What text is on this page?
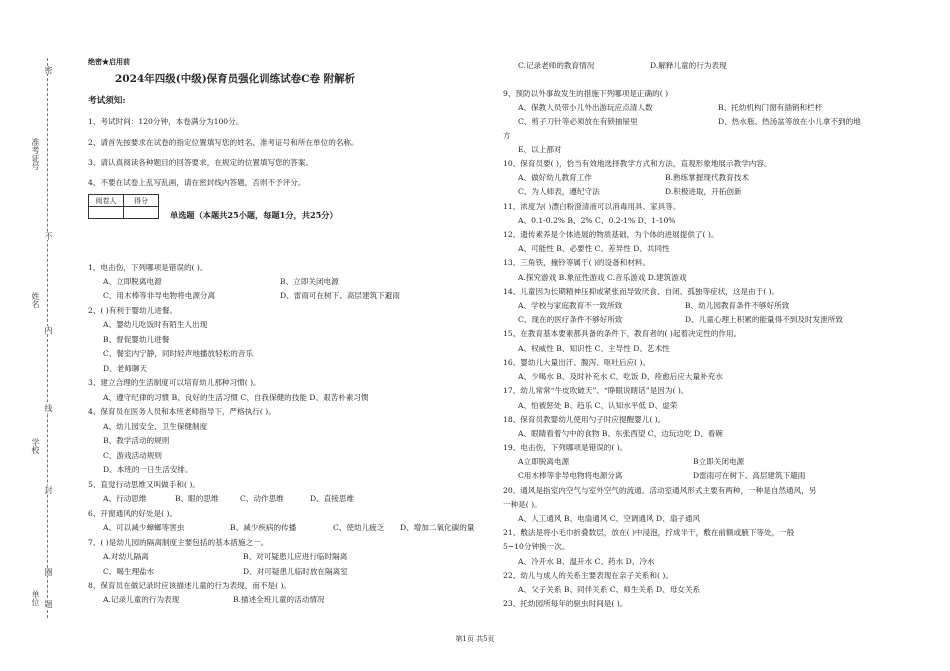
准考证号
姓名
学校
单位
密
不
内
线
封
圈
题
绝密★启用前
2024年四级(中级)保育员强化训练试卷C卷 附解析
考试须知:
1、考试时间：120分钟，本卷满分为100分。
2、请首先按要求在试卷的指定位置填写您的姓名、准考证号和所在单位的名称。
3、请认真阅读各种题目的回答要求，在规定的位置填写您的答案。
4、不要在试卷上乱写乱画，请在密封线内答题，否则不予评分。
阅卷人	得分

单选题（本题共25小题，每题1分，共25分）
1、电击伤，下列哪项是错误的( )。
A、立即脱离电源	B、立即关闭电源
C、用木棒等非导电物将电源分离	D、雷雨可在树下、高层建筑下避雨
2、( )有利于婴幼儿进餐。
A、婴幼儿吃饭时有陌生人出现
B、督促婴幼儿进餐
C、餐室内宁静，同时轻声地播放轻松的音乐
D、老师聊天
3、建立合理的生活制度可以培育幼儿那种习惯( )。
A、遵守纪律的习惯 B、良好的生活习惯 C、自我保健的技能 D、艰苦朴素习惯
4、保育员在医务人员和本班老师指导下，严格执行( )。
A、幼儿园安全、卫生保健制度
B、教学活动的规则
C、游戏活动规则
D、本班的一日生活安排。
5、直觉行动思维又叫做手和( )。
A、行动思维	B、眼的思维	C、动作思维	D、直接思维
6、开窗通风的好处是( )。
A、可以减少蟑螂等害虫	B、减少疾病的传播	C、使幼儿疲乏 D、增加二氧化碳的量
7、( )是幼儿园的隔离制度主要包括的基本措施之一。
A.对幼儿隔离	B、对可疑患儿应进行临时隔离
C、喝生理盐水	D、对可疑患儿临时放在隔离室
8、保育员在做记录时应该描述儿童的行为表现，而不是( )。
A.记录儿童的行为表现	B.描述全班儿童的活动情况
C.记录老师的教育情况	D.解释儿童的行为表现
9、预防以外事故发生的措施下列哪项是正确的( )
A、保教人员带小儿外出游玩应点清人数	B、托幼机构门窗有插销和栏杆
C、剪子刀针等必须放在有锁抽屉里	D、热水瓶、热汤盆等放在小儿拿不到的地
方
E、以上都对
10、保育员要( )，恰当有效地选择教学方式和方法，直观形象地展示教学内容。
A、做好幼儿教育工作	B.熟练掌握现代教育技术
C、为人师表，遵纪守法	D.积极进取，开拓创新
11、浓度为( )漂白粉澄清液可以消毒用具、家具等。
A、0.1-0.2% B、2% C、0.2-1% D、1-10%
12、遗传素养是个体进展的物质基础，为个体的进展提供了( )。
A、可能性 B、必要性 C、差异性 D、共同性
13、三角铁，撞铃等属于( )的设备和材料。
A.探究游戏 B.象征性游戏 C.音乐游戏 D.建筑游戏
14、儿童因为长期精神压抑或紧张而导致厌食、自闭、孤独等症状，这是由于( )。
A、学校与家庭教育不一致所致	B、幼儿园教育条件不够好所致
C、现在的医疗条件不够好所致	D、儿童心理上积累的能量得不到及时发泄所致
15、在教育基本要素都具备的条件下，教育者的( )起着决定性的作用。
A、权威性 B、知识性 C、主导性 D、艺术性
16、婴幼儿大量出汗、腹泻、呕吐后应( )。
A、少喝水 B、及时补充水 C、吃饭 D、痊愈后应大量补充水
17、幼儿常常“牛皮吹破天”、“睁眼说瞎话”是因为( )。
A、怕被惩处 B、趋乐 C、认知水平低 D、虚荣
18、保育员教婴幼儿使用勺子时应提醒婴儿( )。
A、眼睛看着勺中的食物 B、东张西望 C、边玩边吃 D、看碗
19、电击伤，下列哪项是错误的( )。
A立即脱离电源	B立即关闭电源
C用木棒等非导电物将电源分离	D雷雨可在树下、高层建筑下避雨
20、通风是指室内空气与室外空气的流通。活动室通风形式主要有两种，一种是自然通风，另
一种是( )。
A、人工通风 B、电扇通风 C、空调通风 D、扇子通风
21、敷法是将小毛巾折叠数层，放在( )中浸泡，拧成半干，敷在前额或腋下等处，一般
5~10分钟换一次。
A、冷开水 B、温开水 C、药水 D、冷水
22、幼儿与成人的关系主要表现在亲子关系和( )。
A、父子关系 B、同伴关系 C、师生关系 D、母女关系
23、托幼园所每年的驱虫时间是( )。
第1页 共5页
